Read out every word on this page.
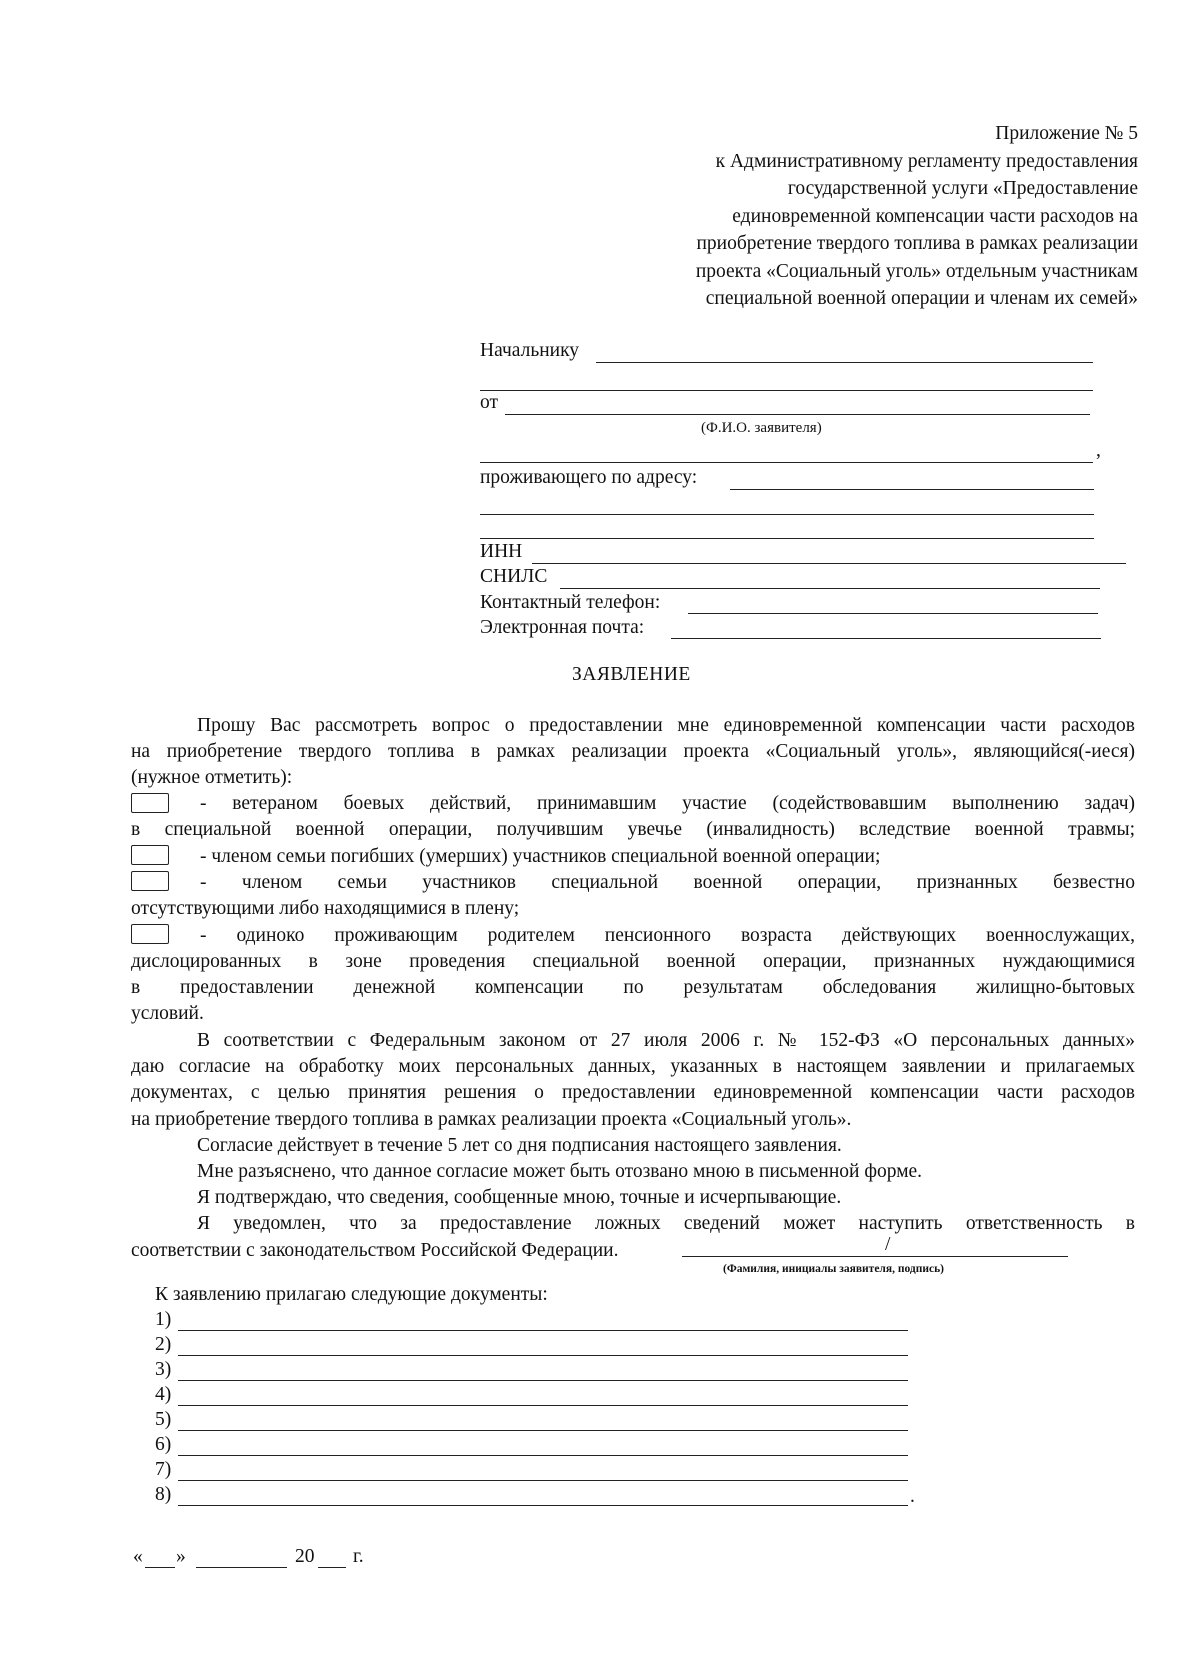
Приложение № 5
к Административному регламенту предоставления
государственной услуги «Предоставление
единовременной компенсации части расходов на
приобретение твердого топлива в рамках реализации
проекта «Социальный уголь» отдельным участникам
специальной военной операции и членам их семей»
Начальнику
от
(Ф.И.О. заявителя)
,
проживающего по адресу:
ИНН
СНИЛС
Контактный телефон:
Электронная почта:
ЗАЯВЛЕНИЕ
Прошу Вас рассмотреть вопрос о предоставлении мне единовременной компенсации части расходов
на приобретение твердого топлива в рамках реализации проекта «Социальный уголь», являющийся(-иеся)
(нужное отметить):
- ветераном боевых действий, принимавшим участие (содействовавшим выполнению задач)
в специальной военной операции, получившим увечье (инвалидность) вследствие военной травмы;
- членом семьи погибших (умерших) участников специальной военной операции;
- членом семьи участников специальной военной операции, признанных безвестно
отсутствующими либо находящимися в плену;
- одиноко проживающим родителем пенсионного возраста действующих военнослужащих,
дислоцированных в зоне проведения специальной военной операции, признанных нуждающимися
в предоставлении денежной компенсации по результатам обследования жилищно-бытовых
условий.
В соответствии с Федеральным законом от 27 июля 2006 г. № 152-ФЗ «О персональных данных»
даю согласие на обработку моих персональных данных, указанных в настоящем заявлении и прилагаемых
документах, с целью принятия решения о предоставлении единовременной компенсации части расходов
на приобретение твердого топлива в рамках реализации проекта «Социальный уголь».
Согласие действует в течение 5 лет со дня подписания настоящего заявления.
Мне разъяснено, что данное согласие может быть отозвано мною в письменной форме.
Я подтверждаю, что сведения, сообщенные мною, точные и исчерпывающие.
Я уведомлен, что за предоставление ложных сведений может наступить ответственность в
соответствии с законодательством Российской Федерации.	/
(Фамилия, инициалы заявителя, подпись)
К заявлению прилагаю следующие документы:
1)
2)
3)
4)
5)
6)
7)
8)	.
« »	20 г.
